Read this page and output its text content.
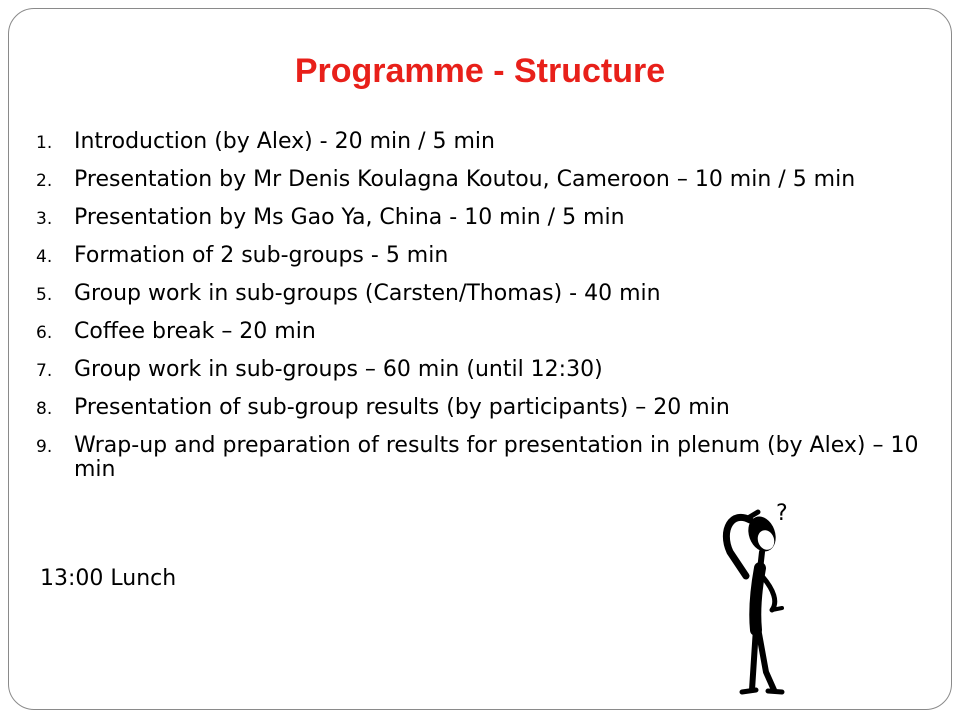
Programme - Structure
1. Introduction (by Alex) - 20 min / 5 min
2. Presentation by Mr Denis Koulagna Koutou, Cameroon – 10 min / 5 min
3. Presentation by Ms Gao Ya, China - 10 min / 5 min
4. Formation of 2 sub-groups - 5 min
5. Group work in sub-groups (Carsten/Thomas) - 40 min
6. Coffee break – 20 min
7. Group work in sub-groups – 60 min (until 12:30)
8. Presentation of sub-group results (by participants) – 20 min
9. Wrap-up and preparation of results for presentation in plenum (by Alex) – 10 min
13:00 Lunch
?
